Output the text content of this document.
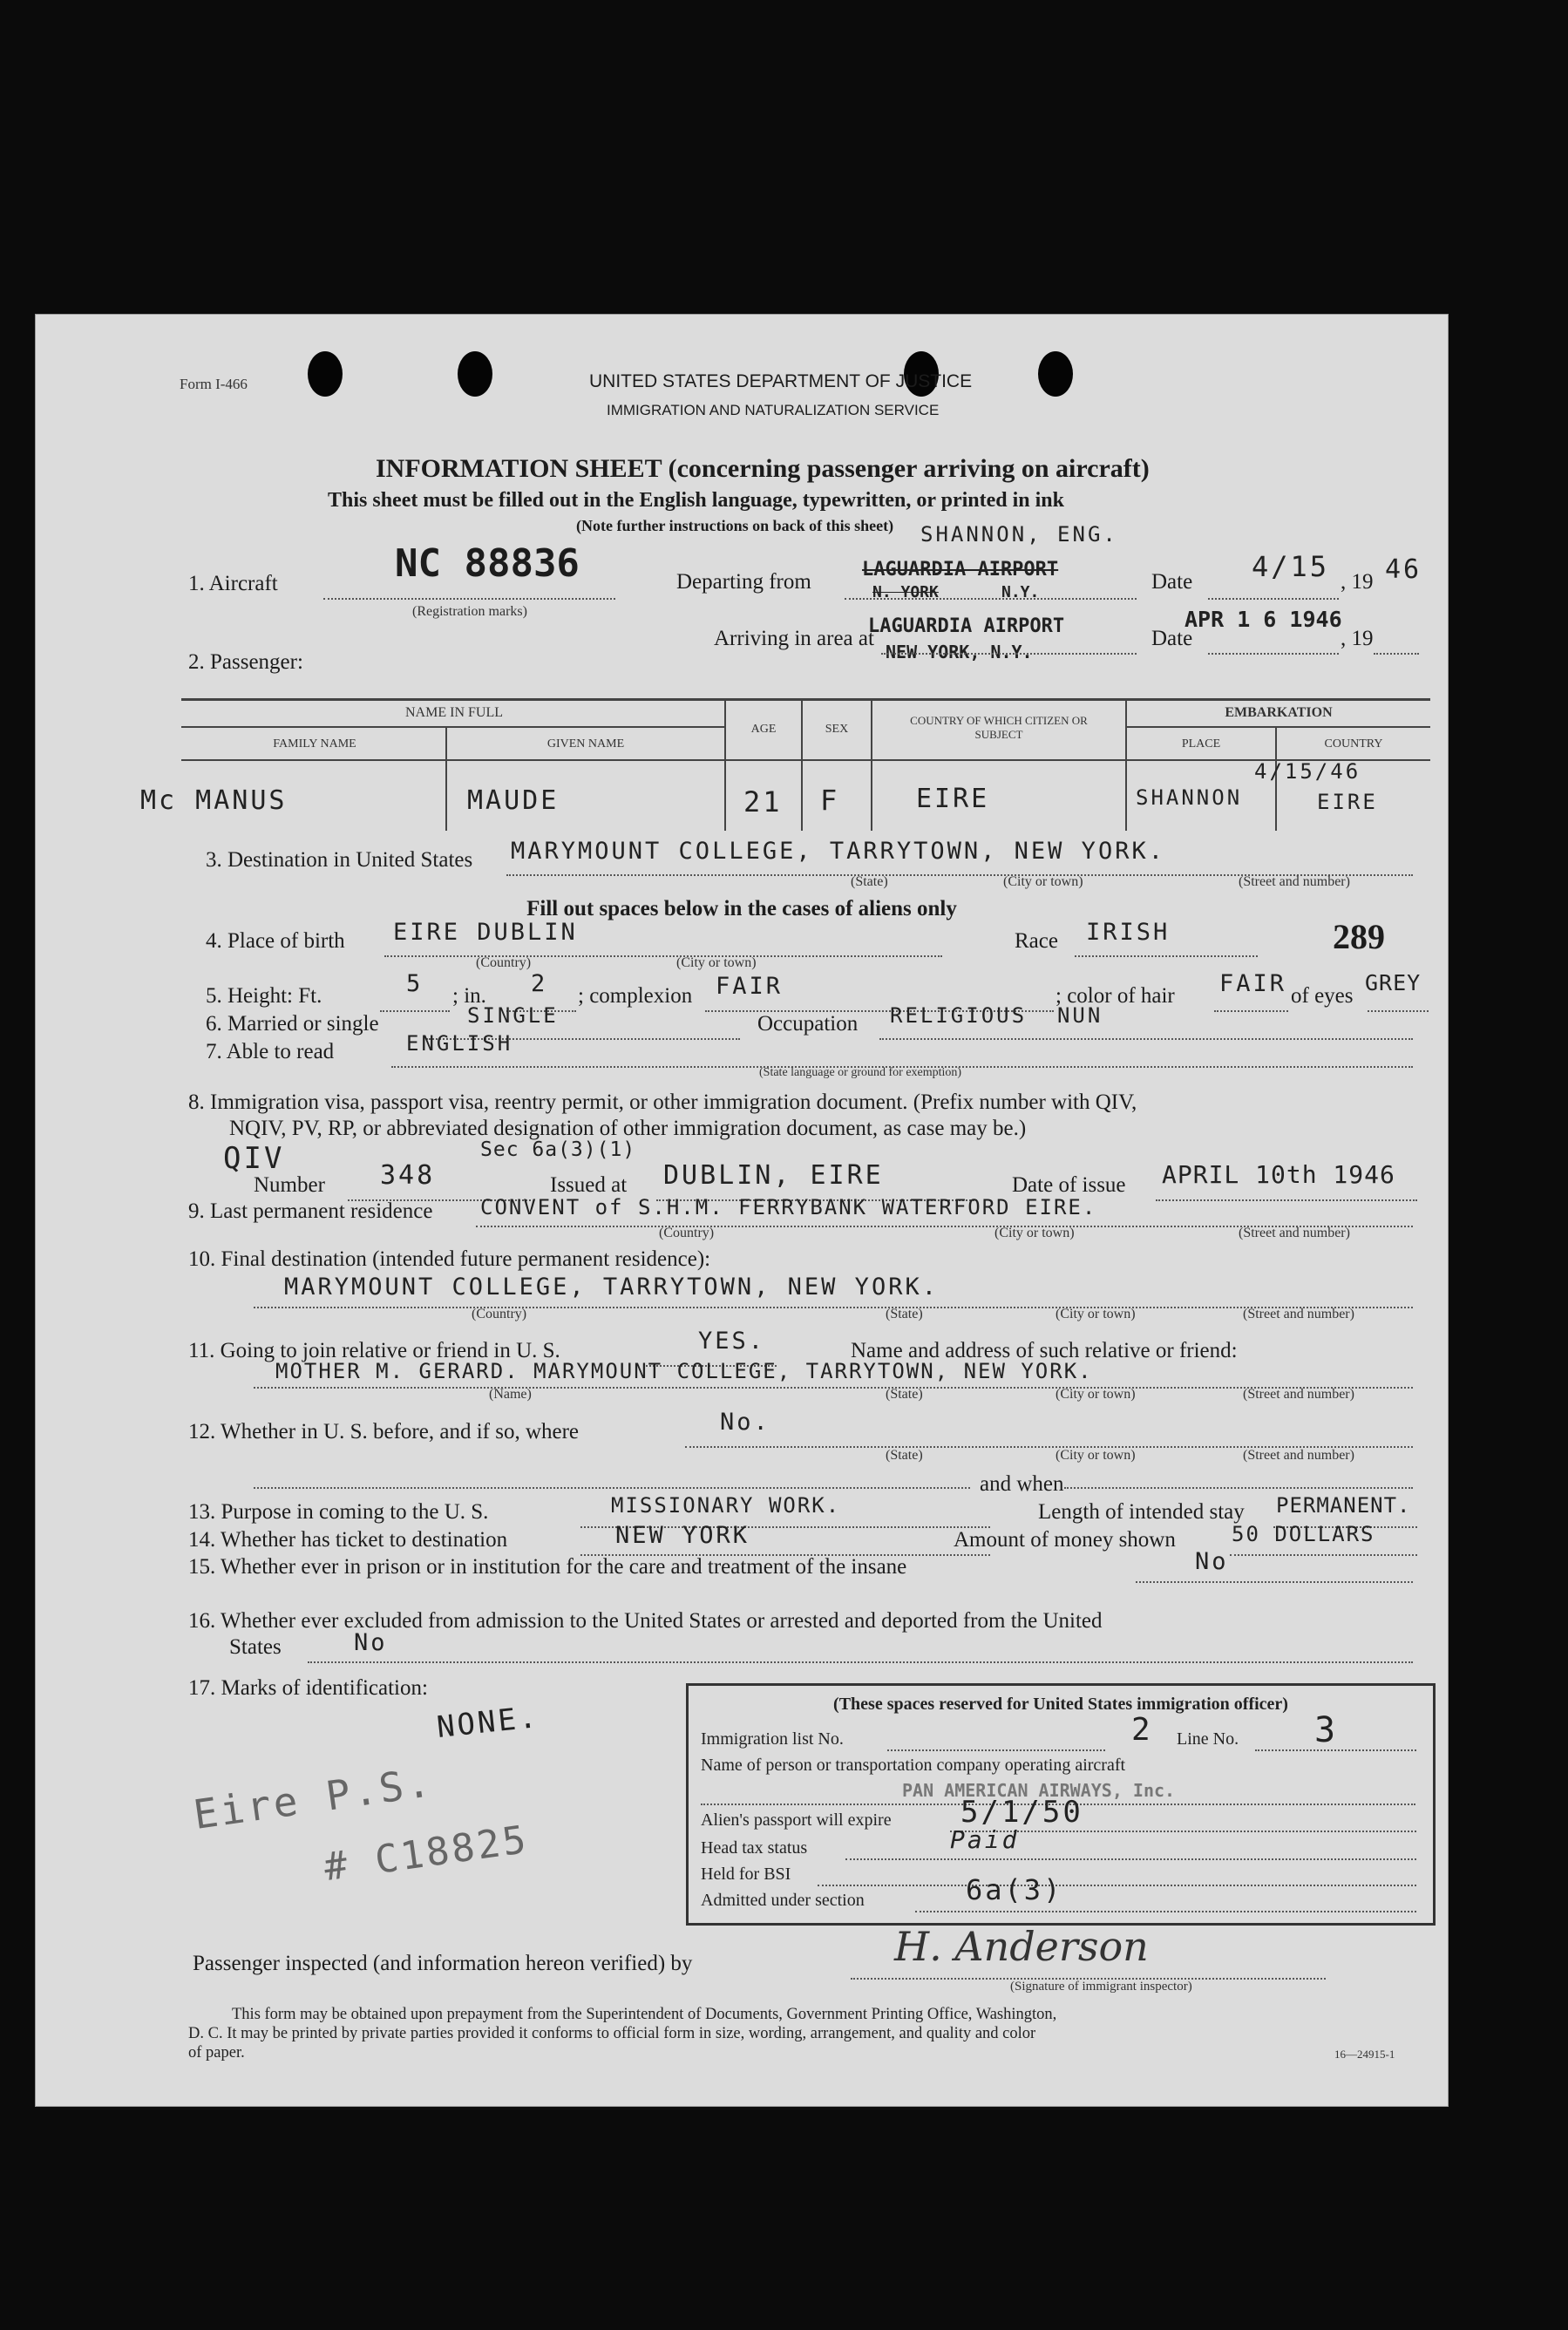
Form I-466	UNITED STATES DEPARTMENT OF JUSTICE
IMMIGRATION AND NATURALIZATION SERVICE
INFORMATION SHEET (concerning passenger arriving on aircraft)
This sheet must be filled out in the English language, typewritten, or printed in ink
(Note further instructions on back of this sheet)
1. Aircraft	NC 88836
(Registration marks)
Departing from
SHANNON, ENG.
LAGUARDIA AIRPORT
N. YORK	N.Y.	Date 4/15 , 19 46
Arriving in area at
LAGUARDIA AIRPORT
NEW YORK, N.Y.
Date
APR 1 6 1946
, 19
2. Passenger:
NAME IN FULL
FAMILY NAME	GIVEN NAME
AGE	SEX
COUNTRY OF WHICH CITIZEN OR SUBJECT
EMBARKATION
PLACE	COUNTRY
Mc MANUS	MAUDE	21 F	EIRE	SHANNON	EIRE
4/15/46
3. Destination in United States MARYMOUNT COLLEGE, TARRYTOWN, NEW YORK.
(State)	(City or town)	(Street and number)
Fill out spaces below in the cases of aliens only
4. Place of birth EIRE DUBLIN
(Country)	(City or town)
Race IRISH	289
5. Height: Ft.	5 ; in. 2 ; complexion FAIR	; color of hair FAIR of eyes
GREY
6. Married or single	SINGLE	Occupation RELIGIOUS  NUN
7. Able to read	ENGLISH
(State language or ground for exemption)
8. Immigration visa, passport visa, reentry permit, or other immigration document. (Prefix number with QIV,
NQIV, PV, RP, or abbreviated designation of other immigration document, as case may be.)
QIV	Sec 6a(3)(1)
Number 348	Issued at DUBLIN, EIRE	Date of issue APRIL 10th 1946
9. Last permanent residence CONVENT of S.H.M. FERRYBANK WATERFORD EIRE.
(Country)	(City or town)	(Street and number)
10. Final destination (intended future permanent residence):
MARYMOUNT COLLEGE, TARRYTOWN, NEW YORK.
(Country)	(State)	(City or town)	(Street and number)
11. Going to join relative or friend in U. S.	YES.	Name and address of such relative or friend:
MOTHER M. GERARD. MARYMOUNT COLLEGE, TARRYTOWN, NEW YORK.
(Name)	(State)	(City or town)	(Street and number)
12. Whether in U. S. before, and if so, where	No.
(State)	(City or town)	(Street and number)
and when
13. Purpose in coming to the U. S.	MISSIONARY WORK.	Length of intended stay PERMANENT.
14. Whether has ticket to destination	NEW YORK	Amount of money shown	50 DOLLARS
15. Whether ever in prison or in institution for the care and treatment of the insane	No
16. Whether ever excluded from admission to the United States or arrested and deported from the United
States	No
17. Marks of identification:
NONE.
Eire P.S.
# C18825
(These spaces reserved for United States immigration officer)
Immigration list No.	2 Line No. 3
Name of person or transportation company operating aircraft
PAN AMERICAN AIRWAYS, Inc.
Alien's passport will expire 5/1/50
Head tax status	Paid
Held for BSI
Admitted under section	6a(3)
Passenger inspected (and information hereon verified) by	H. Anderson
(Signature of immigrant inspector)
This form may be obtained upon prepayment from the Superintendent of Documents, Government Printing Office, Washington,
D. C. It may be printed by private parties provided it conforms to official form in size, wording, arrangement, and quality and color
of paper.	16—24915-1
